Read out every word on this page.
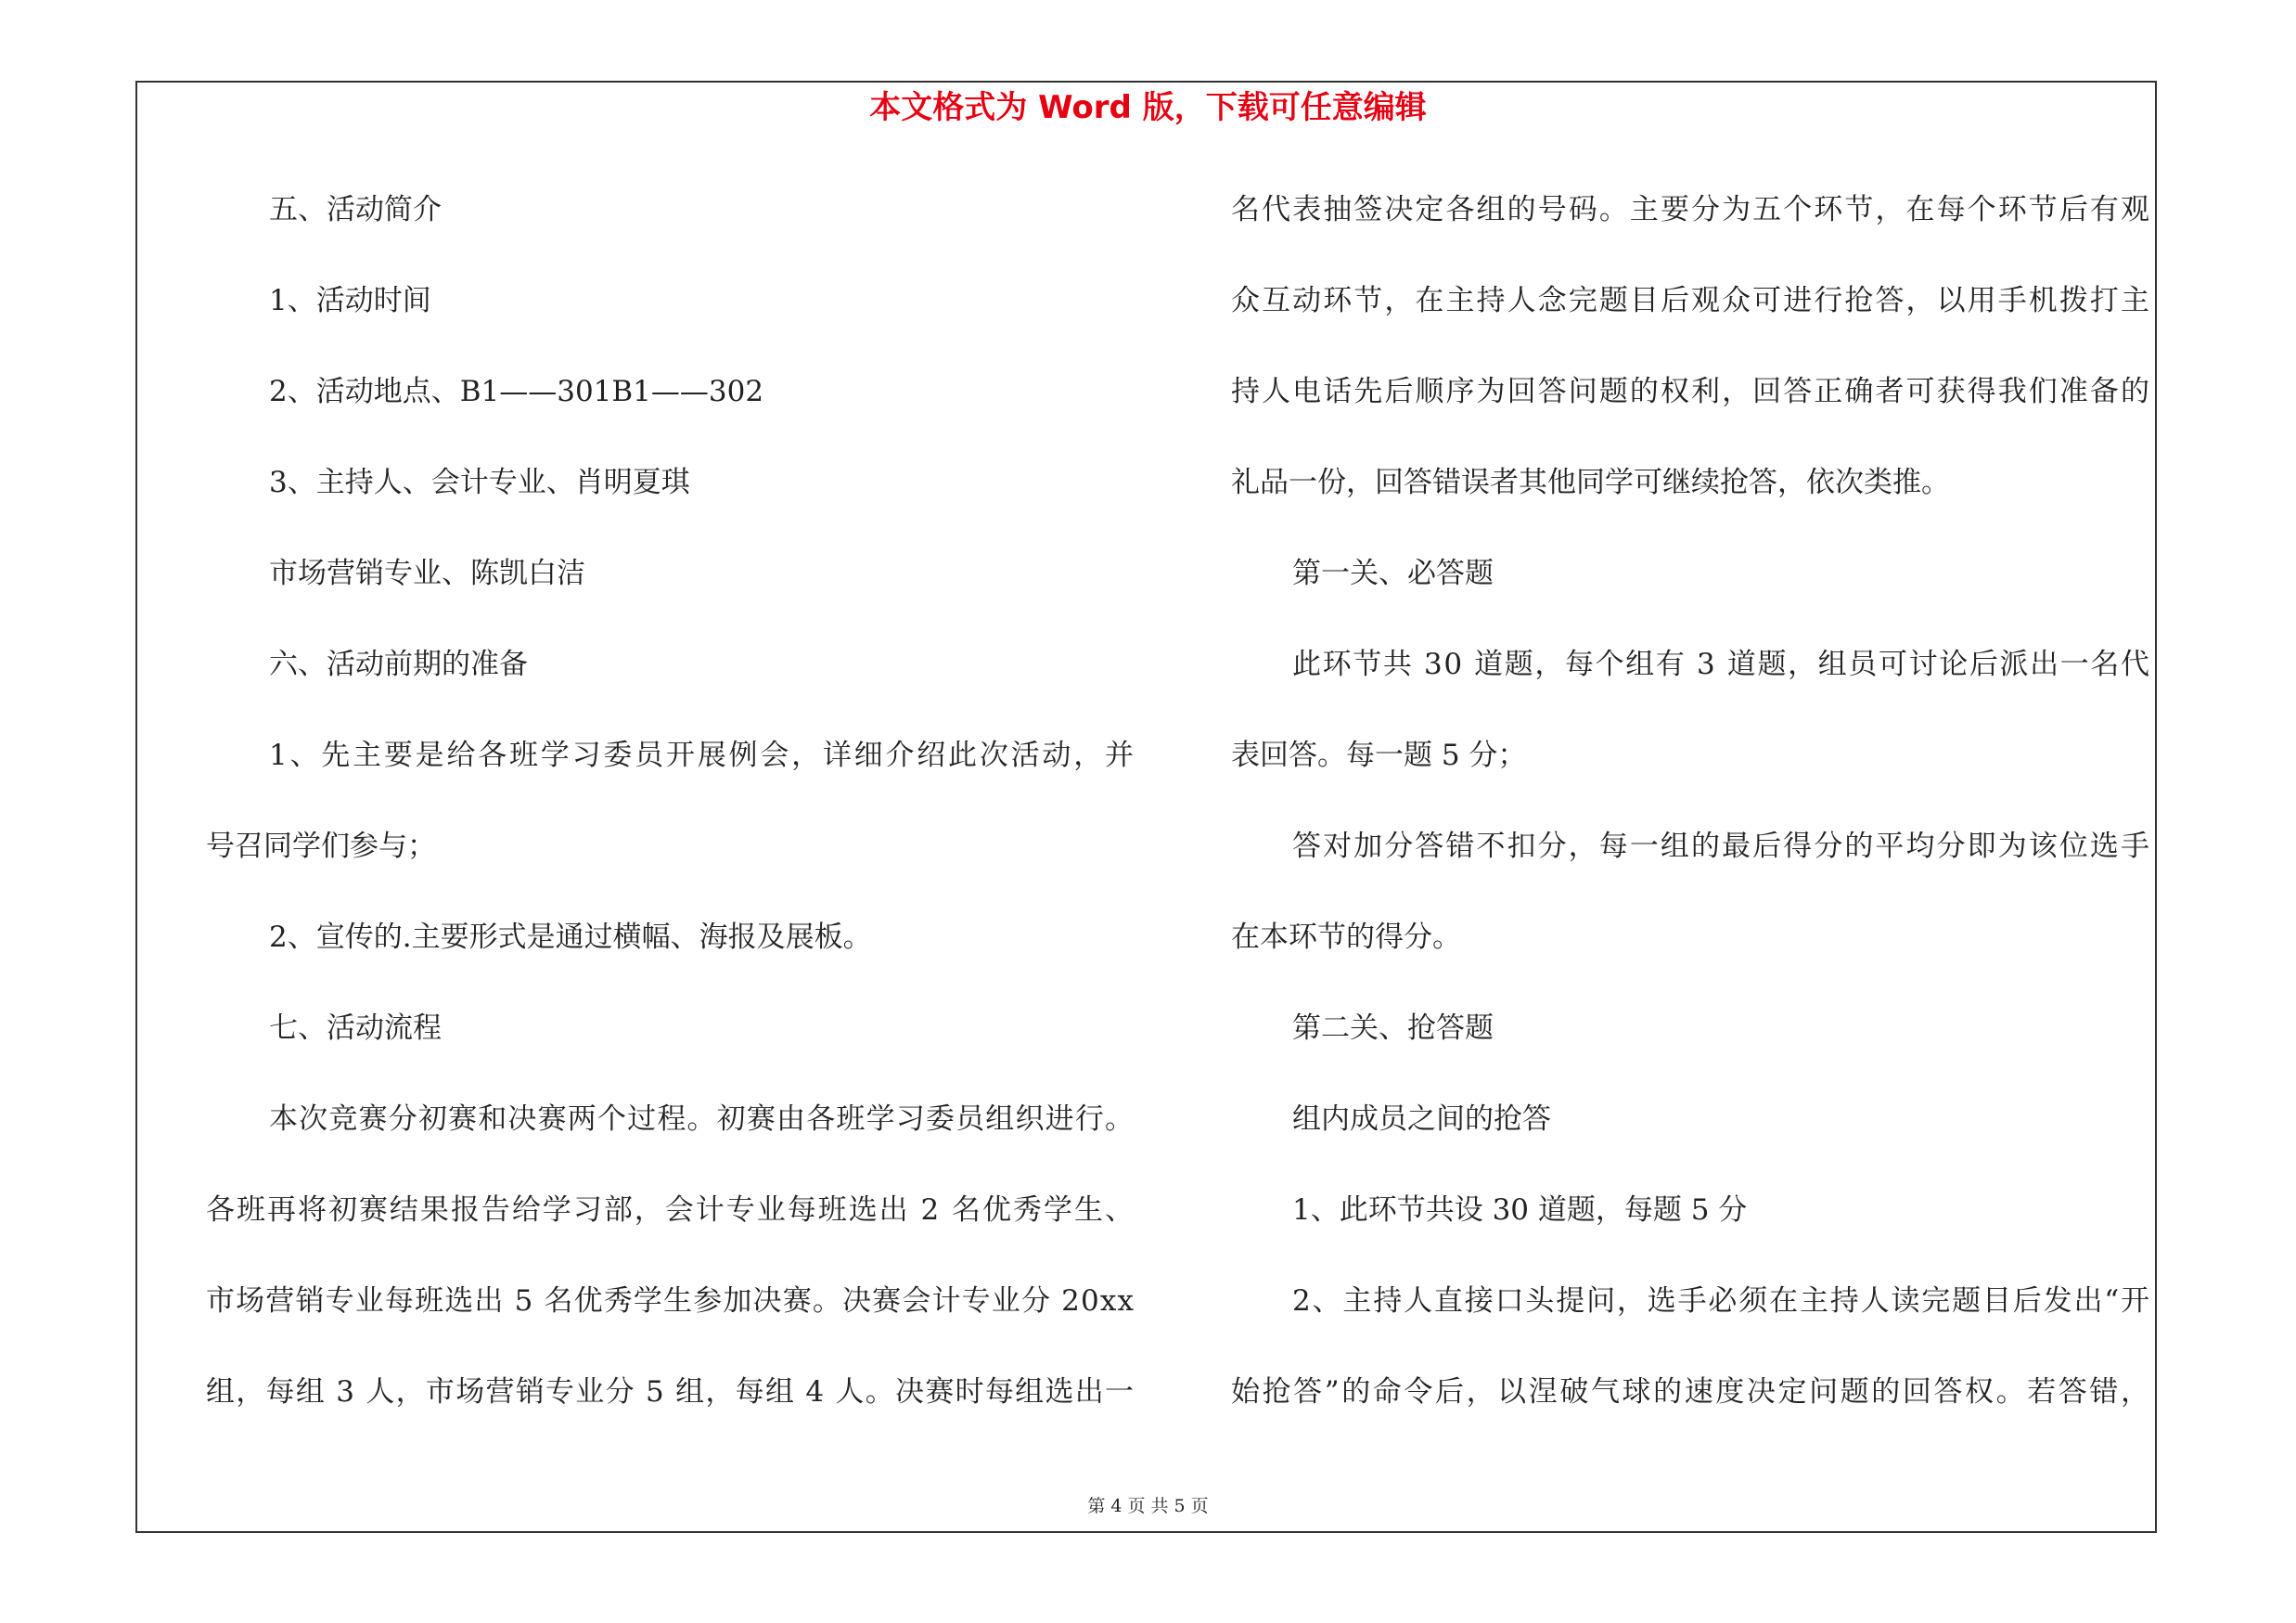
本文格式为 Word 版，下载可任意编辑
五、活动简介
1、活动时间
2、活动地点、B1——301B1——302
3、主持人、会计专业、肖明夏琪
市场营销专业、陈凯白洁
六、活动前期的准备
1、先主要是给各班学习委员开展例会，详细介绍此次活动，并
号召同学们参与；
2、宣传的.主要形式是通过横幅、海报及展板。
七、活动流程
本次竞赛分初赛和决赛两个过程。初赛由各班学习委员组织进行。
各班再将初赛结果报告给学习部，会计专业每班选出 2 名优秀学生、
市场营销专业每班选出 5 名优秀学生参加决赛。决赛会计专业分 20xx
组，每组 3 人，市场营销专业分 5 组，每组 4 人。决赛时每组选出一
名代表抽签决定各组的号码。主要分为五个环节，在每个环节后有观
众互动环节，在主持人念完题目后观众可进行抢答，以用手机拨打主
持人电话先后顺序为回答问题的权利，回答正确者可获得我们准备的
礼品一份，回答错误者其他同学可继续抢答，依次类推。
第一关、必答题
此环节共 30 道题，每个组有 3 道题，组员可讨论后派出一名代
表回答。每一题 5 分；
答对加分答错不扣分，每一组的最后得分的平均分即为该位选手
在本环节的得分。
第二关、抢答题
组内成员之间的抢答
1、此环节共设 30 道题，每题 5 分
2、主持人直接口头提问，选手必须在主持人读完题目后发出“开
始抢答”的命令后，以涅破气球的速度决定问题的回答权。若答错，
第 4 页 共 5 页
